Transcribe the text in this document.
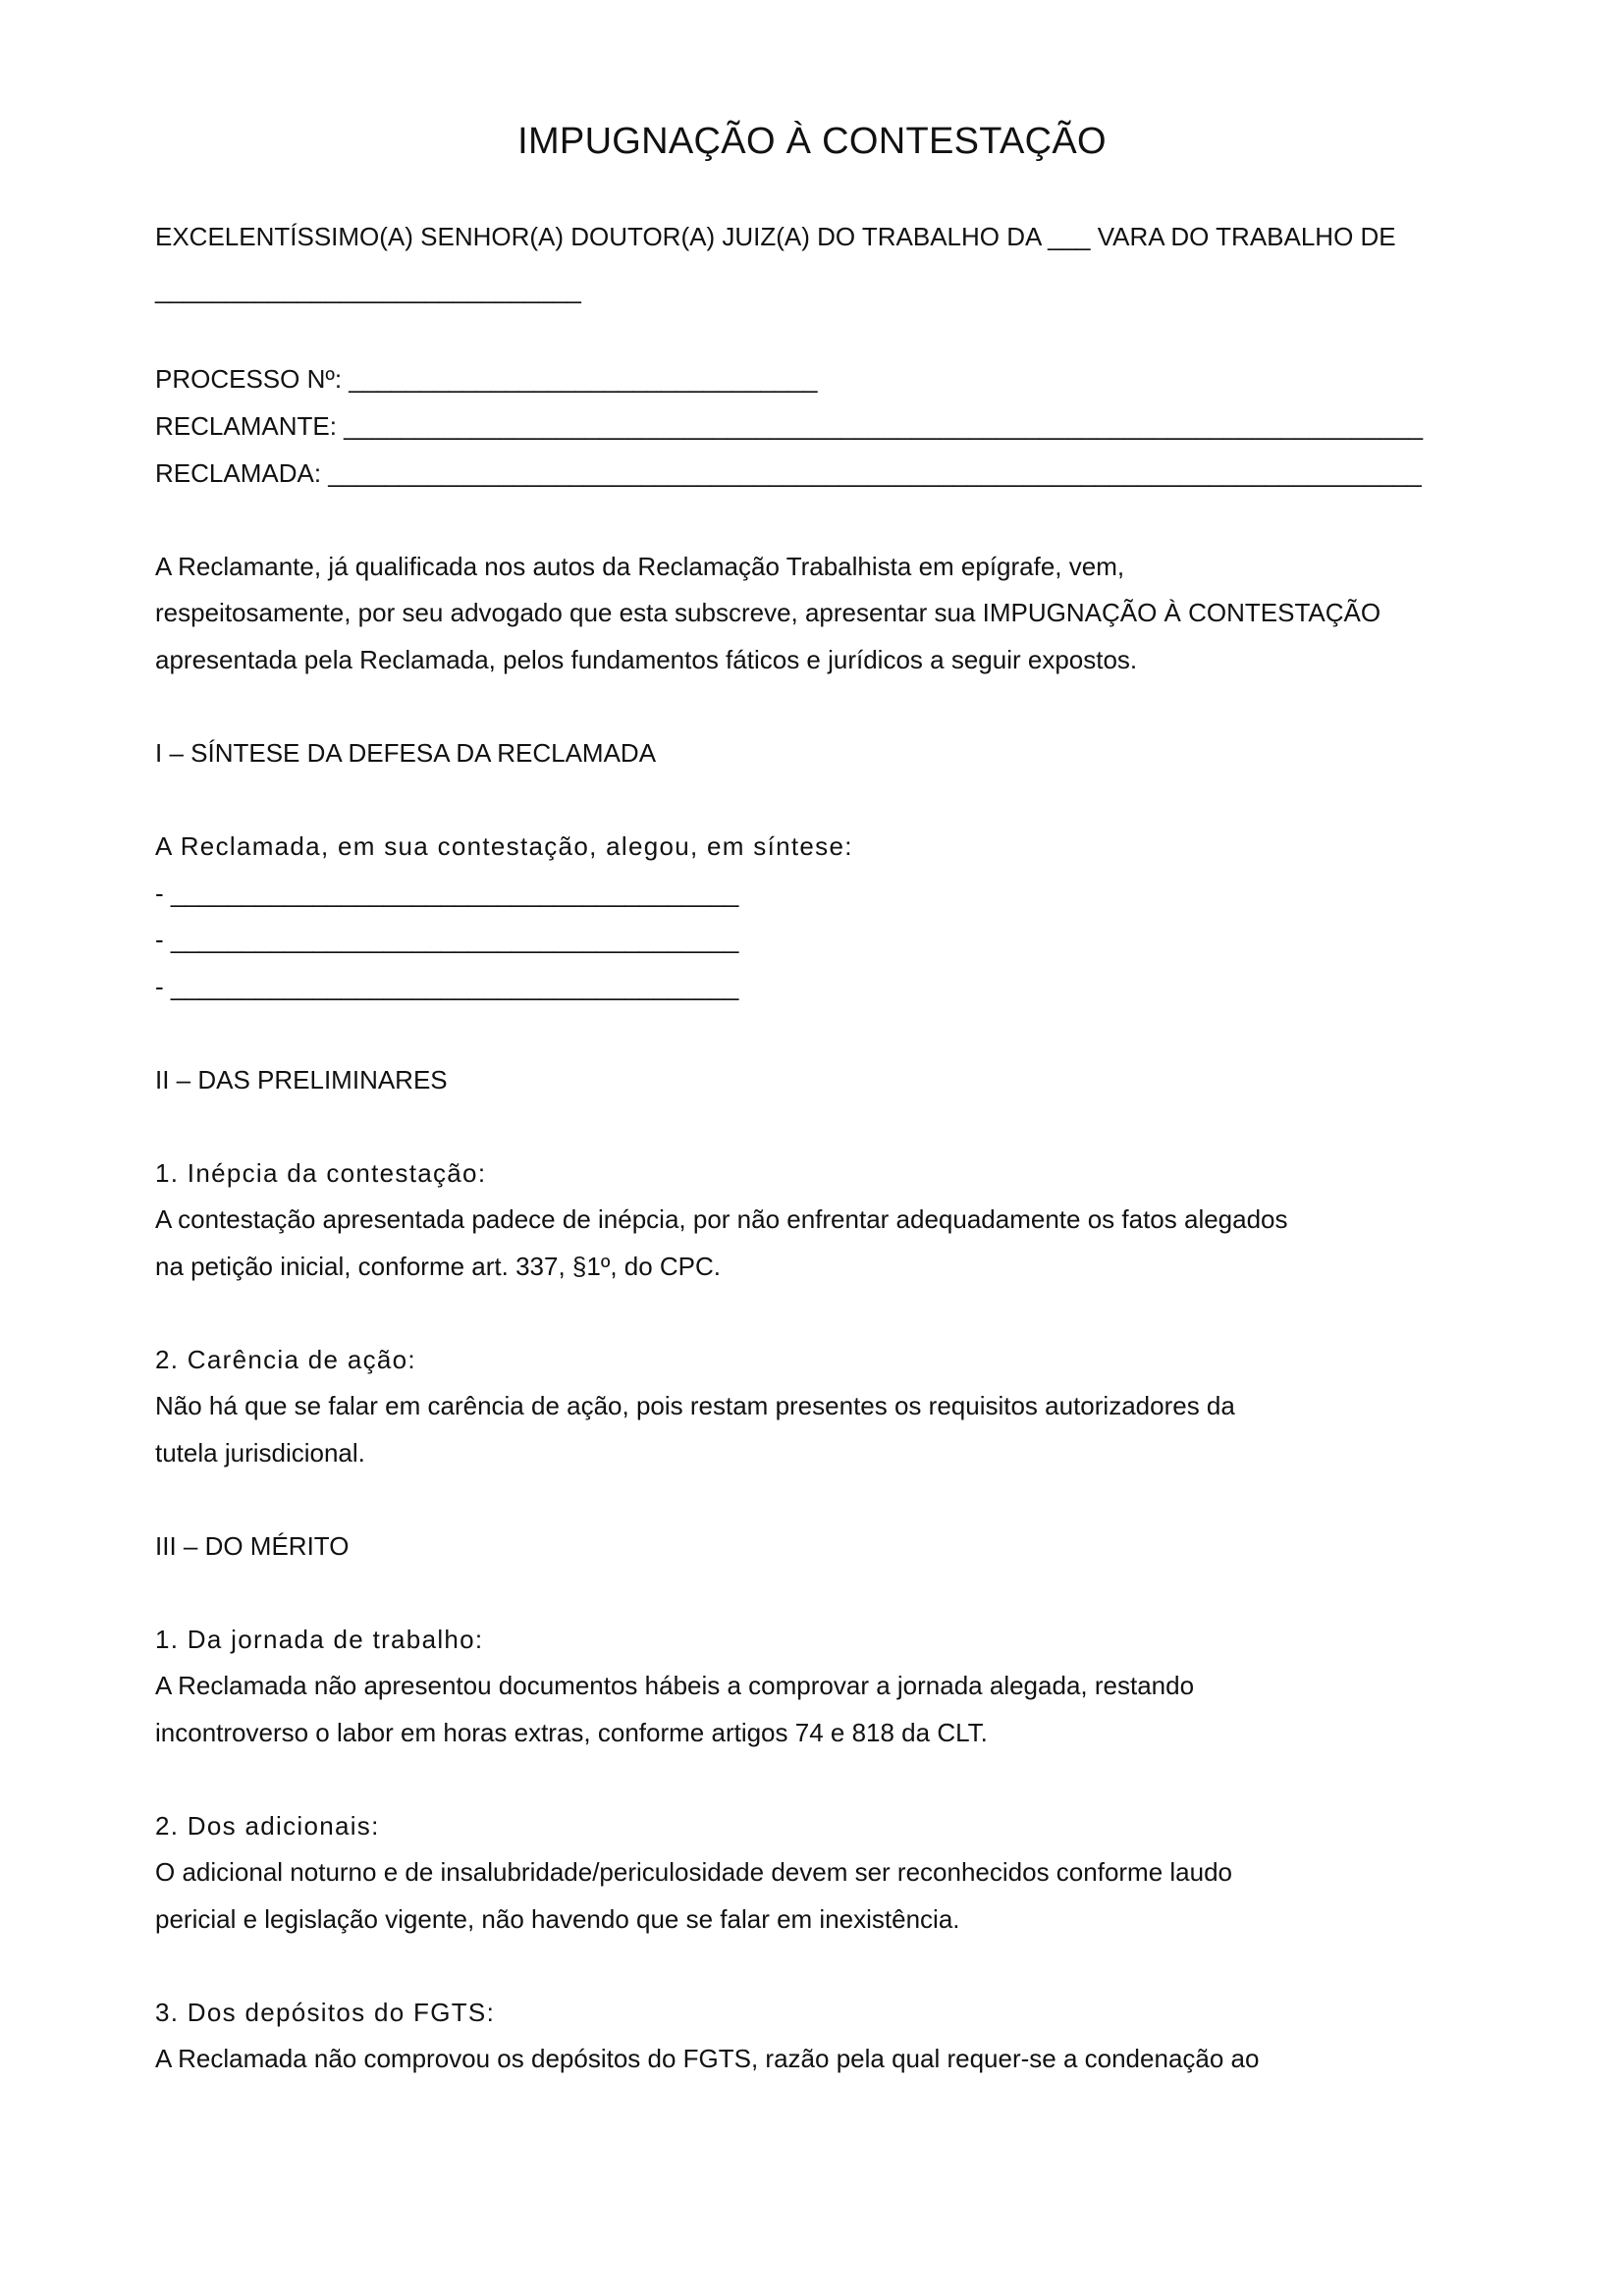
IMPUGNAÇÃO À CONTESTAÇÃO
EXCELENTÍSSIMO(A) SENHOR(A) DOUTOR(A) JUIZ(A) DO TRABALHO DA ___ VARA DO TRABALHO DE
______________________________
PROCESSO Nº: _________________________________
RECLAMANTE: ____________________________________________________________________________
RECLAMADA: _____________________________________________________________________________
A Reclamante, já qualificada nos autos da Reclamação Trabalhista em epígrafe, vem,
respeitosamente, por seu advogado que esta subscreve, apresentar sua IMPUGNAÇÃO À CONTESTAÇÃO
apresentada pela Reclamada, pelos fundamentos fáticos e jurídicos a seguir expostos.
I – SÍNTESE DA DEFESA DA RECLAMADA
A Reclamada, em sua contestação, alegou, em síntese:
- ________________________________________
- ________________________________________
- ________________________________________
II – DAS PRELIMINARES
1. Inépcia da contestação:
A contestação apresentada padece de inépcia, por não enfrentar adequadamente os fatos alegados
na petição inicial, conforme art. 337, §1º, do CPC.
2. Carência de ação:
Não há que se falar em carência de ação, pois restam presentes os requisitos autorizadores da
tutela jurisdicional.
III – DO MÉRITO
1. Da jornada de trabalho:
A Reclamada não apresentou documentos hábeis a comprovar a jornada alegada, restando
incontroverso o labor em horas extras, conforme artigos 74 e 818 da CLT.
2. Dos adicionais:
O adicional noturno e de insalubridade/periculosidade devem ser reconhecidos conforme laudo
pericial e legislação vigente, não havendo que se falar em inexistência.
3. Dos depósitos do FGTS:
A Reclamada não comprovou os depósitos do FGTS, razão pela qual requer-se a condenação ao
